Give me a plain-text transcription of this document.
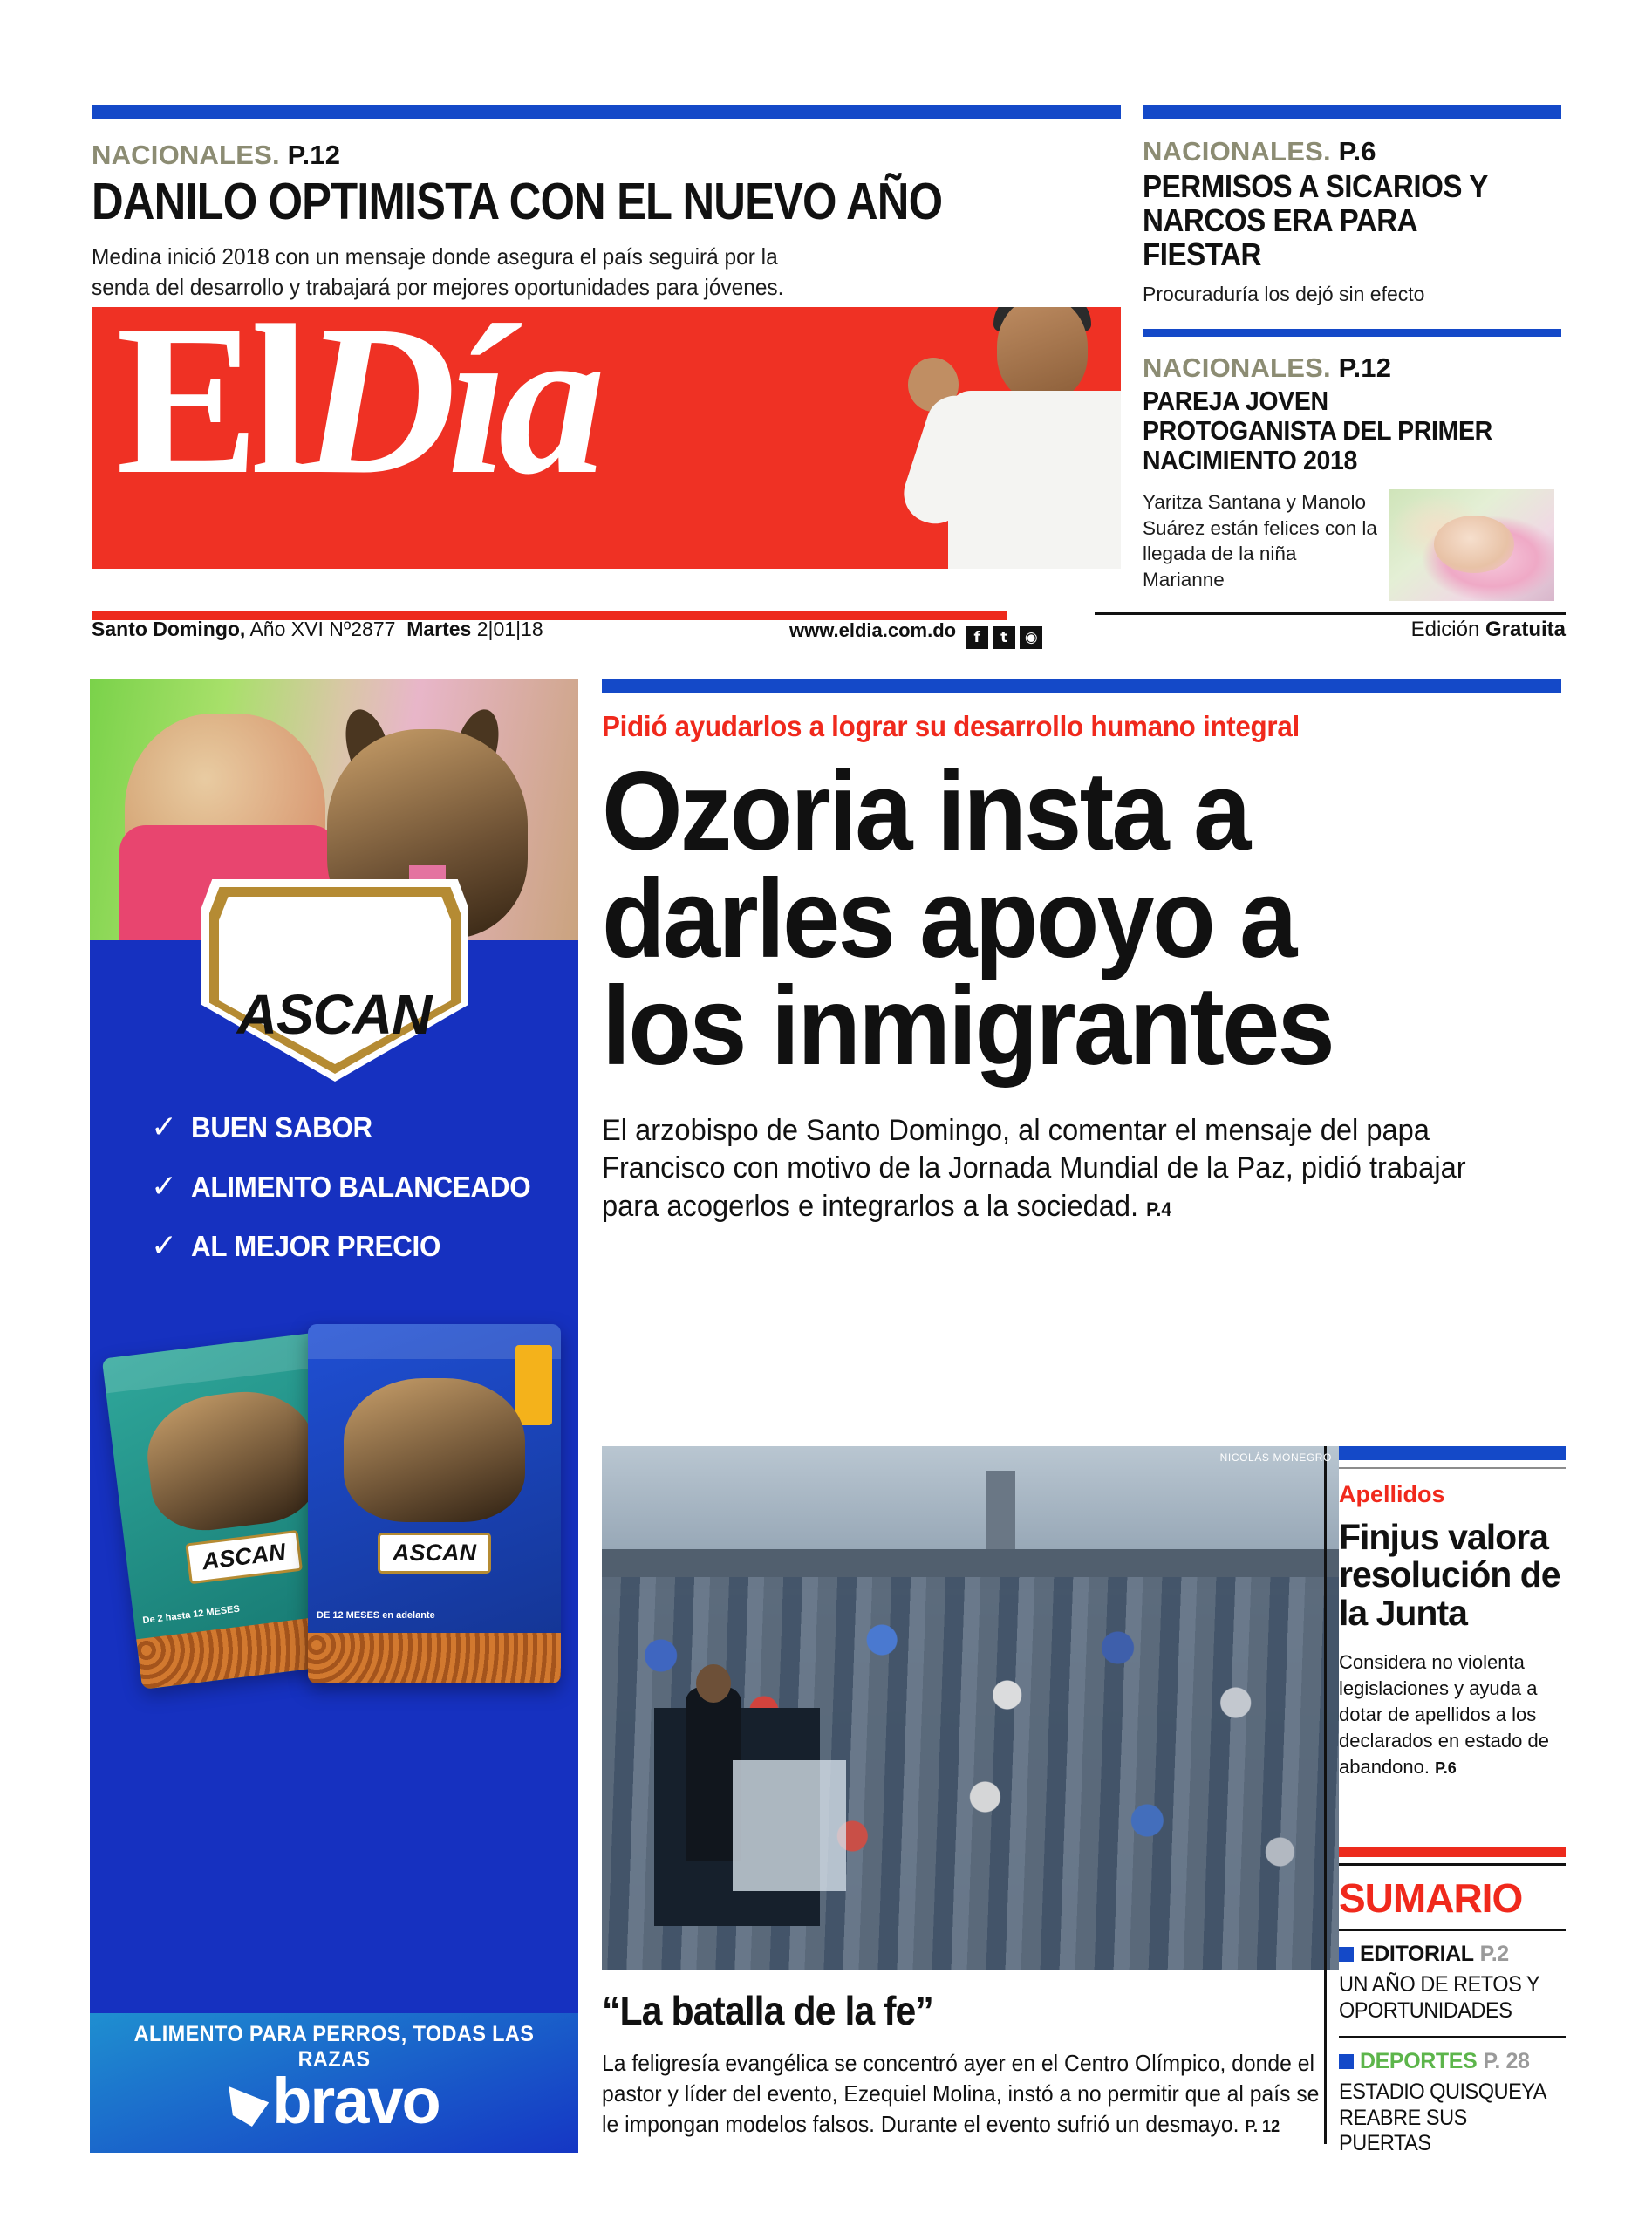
NACIONALES. P.12
DANILO OPTIMISTA CON EL NUEVO AÑO
Medina inició 2018 con un mensaje donde asegura el país seguirá por la senda del desarrollo y trabajará por mejores oportunidades para jóvenes.
ElDía
NACIONALES. P.6
PERMISOS A SICARIOS Y NARCOS ERA PARA FIESTAR
Procuraduría los dejó sin efecto
NACIONALES. P.12
PAREJA JOVEN PROTOGANISTA DEL PRIMER NACIMIENTO 2018
Yaritza Santana y Manolo Suárez están felices con la llegada de la niña Marianne
Santo Domingo, Año XVI Nº2877 Martes 2|01|18	www.eldia.com.do f t ◉	Edición Gratuita
ASCAN
✓ BUEN SABOR
✓ ALIMENTO BALANCEADO
✓ AL MEJOR PRECIO
ASCAN
De 2 hasta 12 MESES
ASCAN
DE 12 MESES en adelante
ALIMENTO PARA PERROS, TODAS LAS RAZAS
bravo
Pidió ayudarlos a lograr su desarrollo humano integral
Ozoria insta a
darles apoyo a
los inmigrantes
El arzobispo de Santo Domingo, al comentar el mensaje del papa Francisco con motivo de la Jornada Mundial de la Paz, pidió trabajar para acogerlos e integrarlos a la sociedad. P.4
NICOLÁS MONEGRO
“La batalla de la fe”
La feligresía evangélica se concentró ayer en el Centro Olímpico, donde el pastor y líder del evento, Ezequiel Molina, instó a no permitir que al país se le impongan modelos falsos. Durante el evento sufrió un desmayo. P. 12
Apellidos
Finjus valora resolución de la Junta
Considera no violenta legislaciones y ayuda a dotar de apellidos a los declarados en estado de abandono. P.6
SUMARIO
EDITORIAL P.2
UN AÑO DE RETOS Y OPORTUNIDADES
DEPORTES P. 28
ESTADIO QUISQUEYA REABRE SUS PUERTAS
